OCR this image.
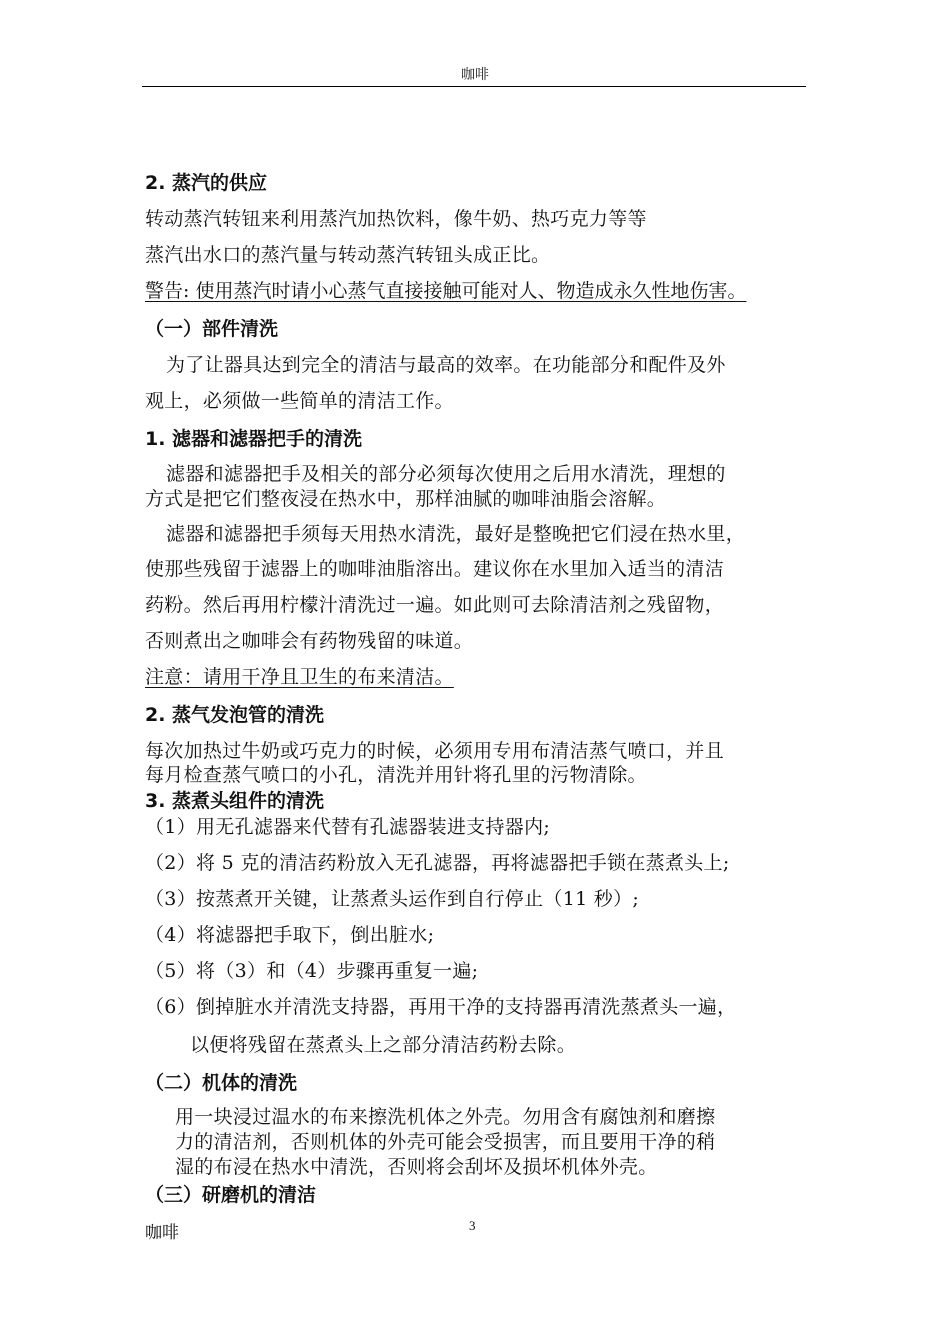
咖啡
2. 蒸汽的供应
转动蒸汽转钮来利用蒸汽加热饮料，像牛奶、热巧克力等等
蒸汽出水口的蒸汽量与转动蒸汽转钮头成正比。
警告: 使用蒸汽时请小心蒸气直接接触可能对人、物造成永久性地伤害。
（一）部件清洗
为了让器具达到完全的清洁与最高的效率。在功能部分和配件及外
观上，必须做一些简单的清洁工作。
1. 滤器和滤器把手的清洗
滤器和滤器把手及相关的部分必须每次使用之后用水清洗，理想的
方式是把它们整夜浸在热水中，那样油腻的咖啡油脂会溶解。
滤器和滤器把手须每天用热水清洗，最好是整晚把它们浸在热水里，
使那些残留于滤器上的咖啡油脂溶出。建议你在水里加入适当的清洁
药粉。然后再用柠檬汁清洗过一遍。如此则可去除清洁剂之残留物，
否则煮出之咖啡会有药物残留的味道。
注意：请用干净且卫生的布来清洁。
2. 蒸气发泡管的清洗
每次加热过牛奶或巧克力的时候，必须用专用布清洁蒸气喷口，并且
每月检查蒸气喷口的小孔，清洗并用针将孔里的污物清除。
3. 蒸煮头组件的清洗
（1）用无孔滤器来代替有孔滤器装进支持器内;
（2）将 5 克的清洁药粉放入无孔滤器，再将滤器把手锁在蒸煮头上;
（3）按蒸煮开关键，让蒸煮头运作到自行停止（11 秒）;
（4）将滤器把手取下，倒出脏水;
（5）将（3）和（4）步骤再重复一遍;
（6）倒掉脏水并清洗支持器，再用干净的支持器再清洗蒸煮头一遍，
以便将残留在蒸煮头上之部分清洁药粉去除。
（二）机体的清洗
用一块浸过温水的布来擦洗机体之外壳。勿用含有腐蚀剂和磨擦
力的清洁剂，否则机体的外壳可能会受损害，而且要用干净的稍
湿的布浸在热水中清洗，否则将会刮坏及损坏机体外壳。
（三）研磨机的清洁
咖啡	3
